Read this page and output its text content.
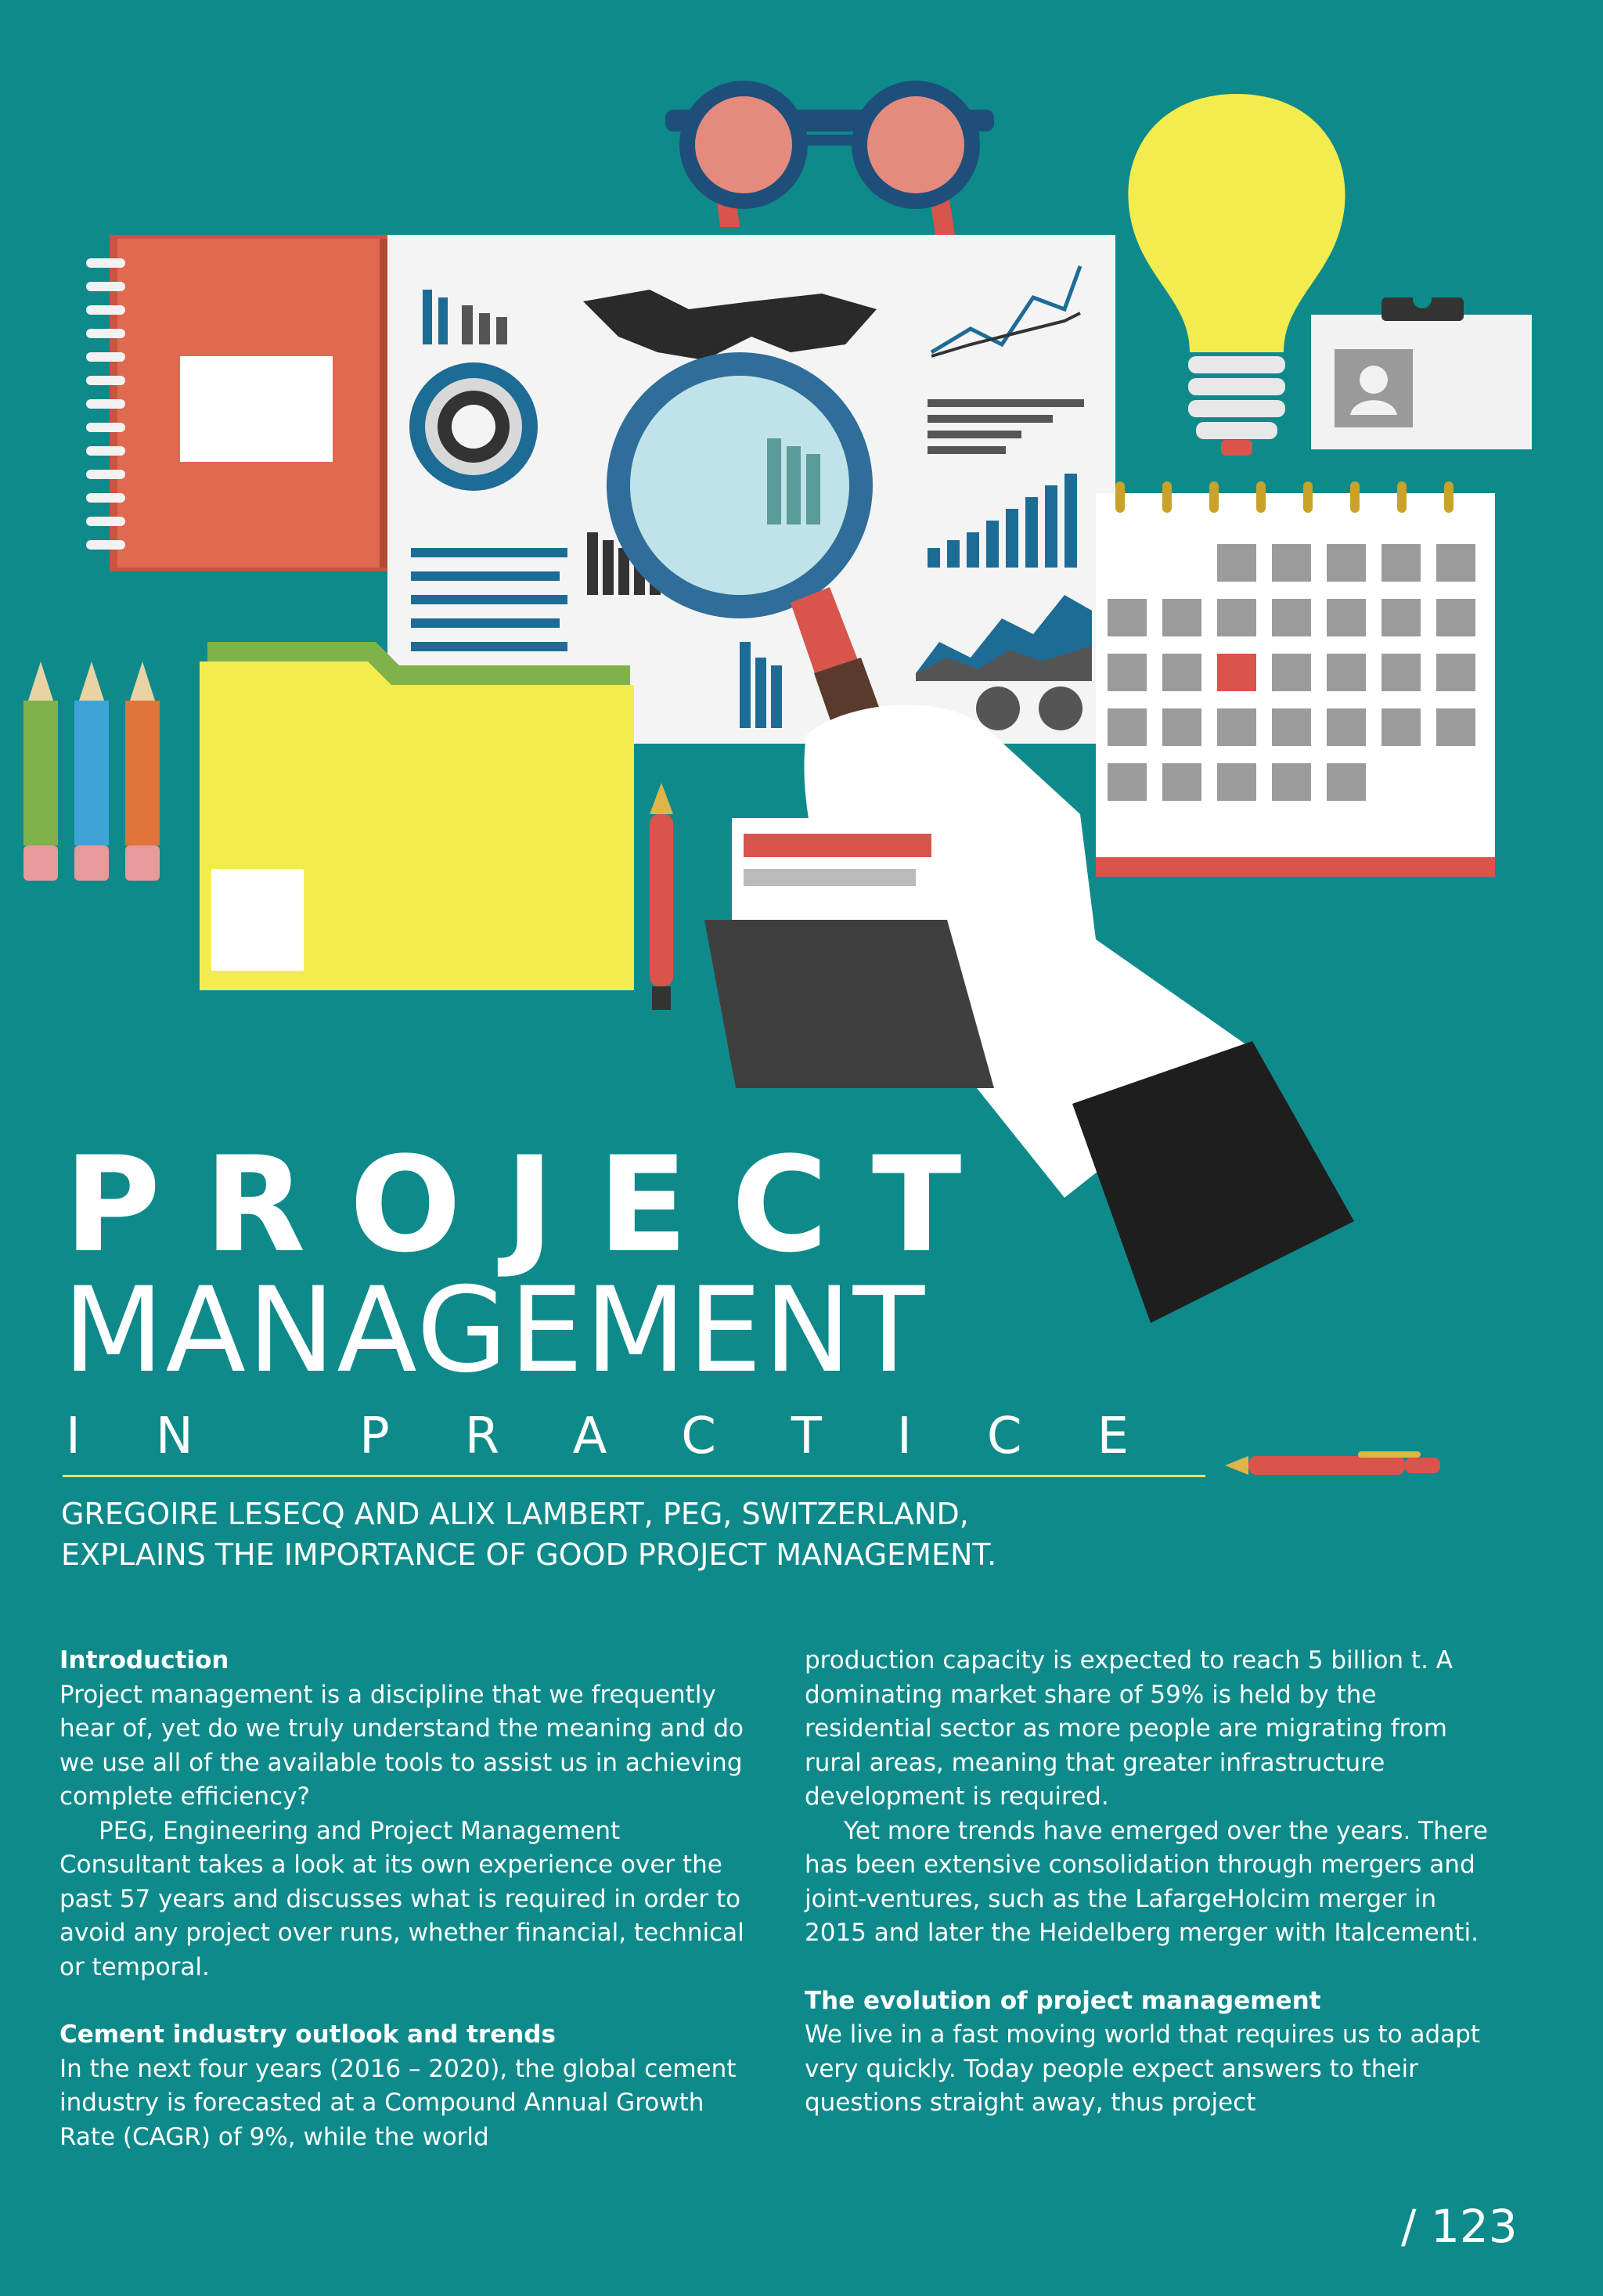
PROJECT
MANAGEMENT
IN PRACTICE

GREGOIRE LESECQ AND ALIX LAMBERT, PEG, SWITZERLAND,
EXPLAINS THE IMPORTANCE OF GOOD PROJECT MANAGEMENT.

Introduction

Project management is a discipline that we frequently hear of, yet do we truly understand the meaning and do we use all of the available tools to assist us in achieving complete efficiency?

PEG, Engineering and Project Management Consultant takes a look at its own experience over the past 57 years and discusses what is required in order to avoid any project over runs, whether financial, technical or temporal.

Cement industry outlook and trends

In the next four years (2016 – 2020), the global cement industry is forecasted at a Compound Annual Growth Rate (CAGR) of 9%, while the world

production capacity is expected to reach 5 billion t. A dominating market share of 59% is held by the residential sector as more people are migrating from rural areas, meaning that greater infrastructure development is required.

Yet more trends have emerged over the years. There has been extensive consolidation through mergers and joint-ventures, such as the LafargeHolcim merger in 2015 and later the Heidelberg merger with Italcementi.

The evolution of project management

We live in a fast moving world that requires us to adapt very quickly. Today people expect answers to their questions straight away, thus project

/ 123
